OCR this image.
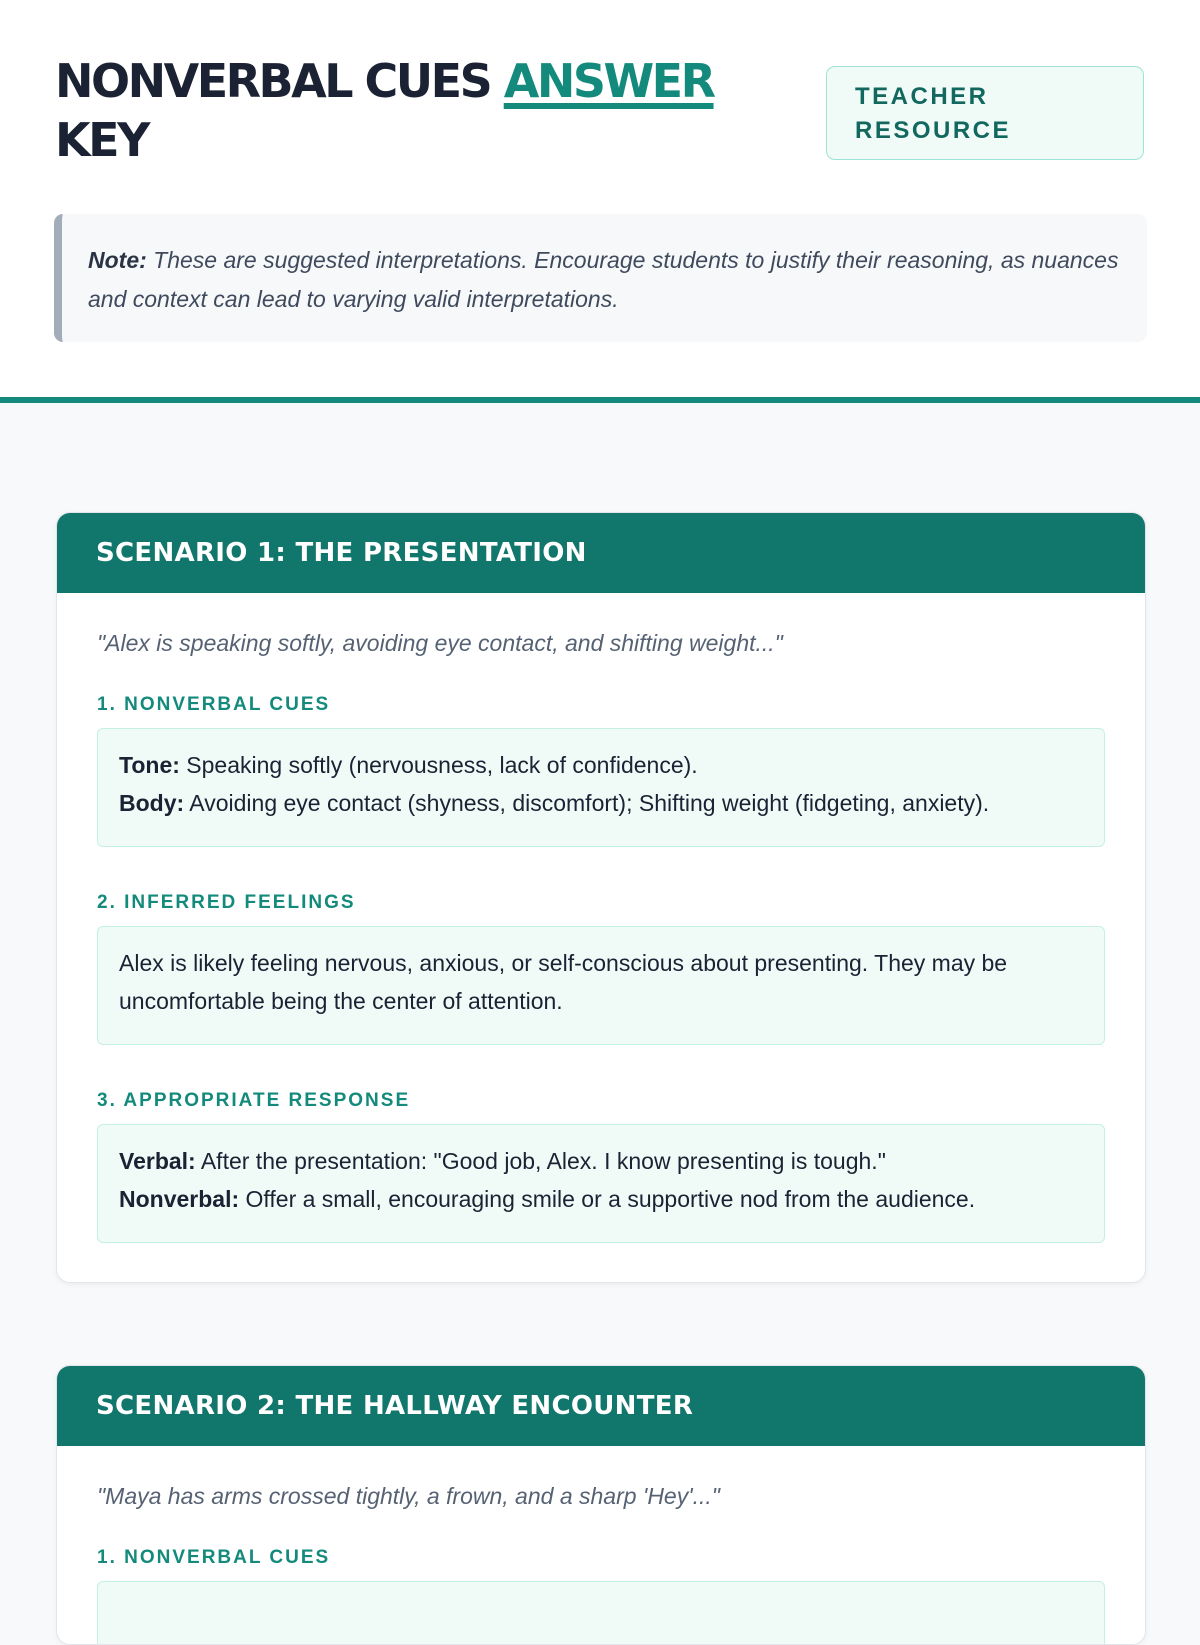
NONVERBAL CUES ANSWER
KEY
TEACHER
RESOURCE
Note: These are suggested interpretations. Encourage students to justify their reasoning, as nuances and context can lead to varying valid interpretations.
SCENARIO 1: THE PRESENTATION
"Alex is speaking softly, avoiding eye contact, and shifting weight..."
1. NONVERBAL CUES
Tone: Speaking softly (nervousness, lack of confidence).
Body: Avoiding eye contact (shyness, discomfort); Shifting weight (fidgeting, anxiety).
2. INFERRED FEELINGS
Alex is likely feeling nervous, anxious, or self-conscious about presenting. They may be uncomfortable being the center of attention.
3. APPROPRIATE RESPONSE
Verbal: After the presentation: "Good job, Alex. I know presenting is tough."
Nonverbal: Offer a small, encouraging smile or a supportive nod from the audience.
SCENARIO 2: THE HALLWAY ENCOUNTER
"Maya has arms crossed tightly, a frown, and a sharp 'Hey'..."
1. NONVERBAL CUES
